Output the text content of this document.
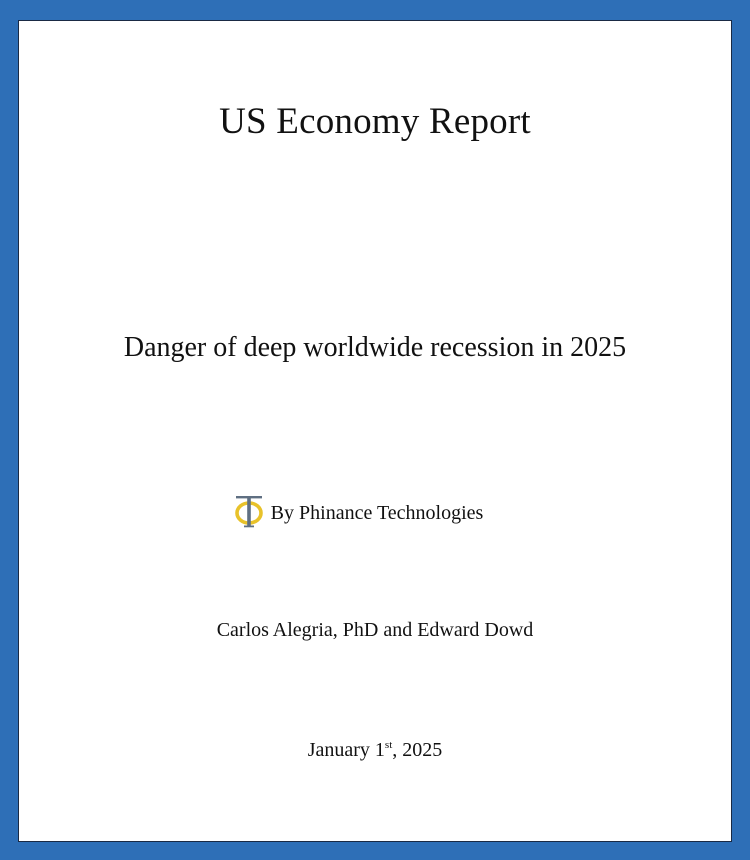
US Economy Report
Danger of deep worldwide recession in 2025
By Phinance Technologies
Carlos Alegria, PhD and Edward Dowd
January 1st, 2025
